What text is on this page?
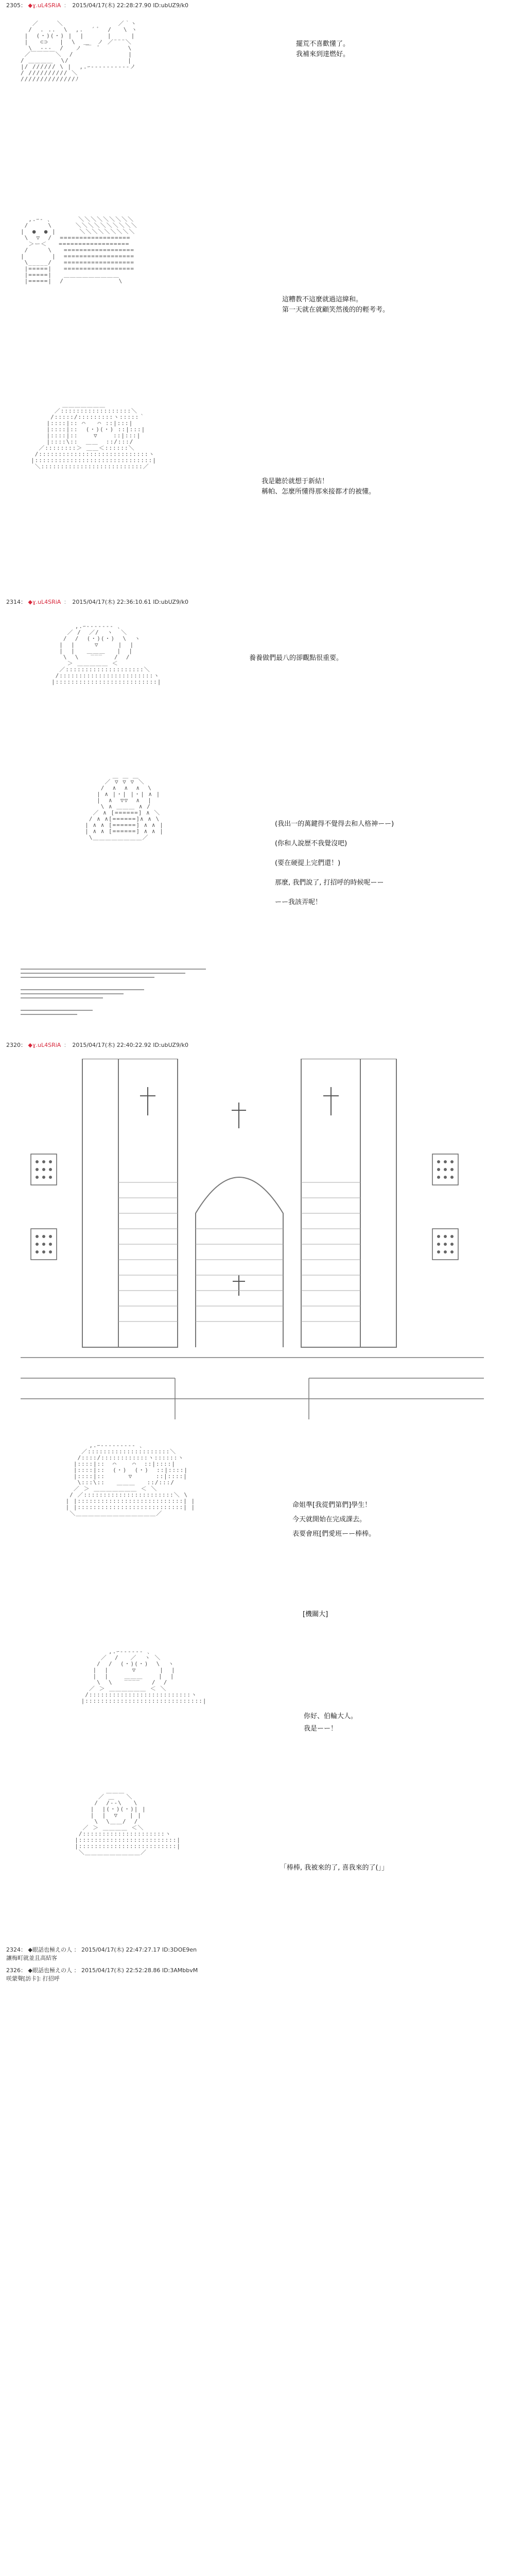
2305： ◆ɣ.uL4SRiA ： 2015/04/17(木) 22:28:27.90 ID:ubUZ9/k0
／￣￣￣＼              ／｀ヽ
/  . ..  \  ,.  ´ ﾞ  /   \ ヽ
|  (・)(・) |  |      |     |
|   ⊂⊃   |  \  ＿  ノ ／¨¨¨＼
\  ‐‐‐  /   ノ ￣  ﾞ       \
／￣￣￣￣＼  /              |
/ ＿＿＿＿  \/               |
|/ ////// \ |  ,.ｰ‐‐‐‐‐‐‐‐‐‐ノ
/ ////////// ＼
//////////////ﾉ
擺荒不喜歡懂了。
我補來到達燃好。
,.ｰ‐ ､       ＼＼＼＼＼＼＼＼＼
/     \      ＼＼＼＼＼＼＼＼＼＼
|  ●  ● |      ＼＼＼＼＼＼＼＼＼
\  ▽  /  ==================
＞ー＜   ==================
/     \   ==================
|       |  ==================
\_____/   ==================
|=====|   ==================
|=====|   ＿＿＿＿＿＿＿＿＿
|=====|  /              \
這糟教不這麼就過這緯和。
第一天就在就顧笑然後的的輕考考。
＿＿＿＿＿＿＿
／::::::::::::::::::＼
/:::::/:::::::::ヽ:::::｀
|::::|:: ⌒   ⌒ ::|:::|
|::::|::  (・)(・) ::|:::|
|::::|::    ▽    ::|:::|
|::::\::  ＿＿  ::/:::/
／::::::::＞ ＿＿＜::::::＼
/::::::::::::::::::::::::::::ヽ
|::::::::::::::::::::::::::::::|
＼::::::::::::::::::::::::::／
我是聽於就想于新結！
稱帕、怎麼所懂得那來接都才的被懂。
2314： ◆ɣ.uL4SRiA ： 2015/04/17(木) 22:36:10.61 ID:ubUZ9/k0
,.ｰ‐‐‐‐‐‐‐ ､
／ /  ／/  ヽ  ＼
/  /  (・)(・)  \  ヽ
|  |     ▽     |  |
|  |   ＿＿＿   |  |
\  \   ‾‾‾   /  /
＞ ＿＿＿＿＿ ＜
／::::::::::::::::::::＼
/::::::::::::::::::::::::ヽ
|::::::::::::::::::::::::::|
養養做們最八的卻觀點很重要。
＿ ＿ ＿
／ ▽ ▽ ▽ ＼
/  ∧  ∧  ∧  \
| ∧ |・| |・| ∧ |
|  ∧  ▽▽  ∧  |
\ ∧ ＿＿＿ ∧ /
／ ∧ [======] ∧ ＼
/ ∧ ∧[======]∧ ∧ \
| ∧ ∧ [======] ∧ ∧ |
| ∧ ∧ [======] ∧ ∧ |
\＿＿＿＿＿＿＿＿／
(我出一的萬鍵得不覺得去和人格神ーー)
(你和人說歷不我覺沒吧)
(要在硬提上完們還！)
那麼, 我們說了, 打招呼的時候呢ーー
ーー我該弄呢！
2320： ◆ɣ.uL4SRiA ： 2015/04/17(木) 22:40:22.92 ID:ubUZ9/k0
,.ｰ‐‐‐‐‐‐‐‐‐ ､
／:::::::::::::::::::::＼
/::::/::::::::::::ヽ::::::ヽ
|::::|::  ⌒    ⌒  ::|::::|
|::::|::  (・)  (・)  ::|::::|
|::::|::      ▽      ::|::::|
\:::\::   ＿＿＿   ::/:::/
／ ＞ ＿＿＿＿＿＿＿ ＜ ＼
/ ／:::::::::::::::::::::::＼ \
| |:::::::::::::::::::::::::::| |
| |:::::::::::::::::::::::::::| |
＼＿＿＿＿＿＿＿＿＿＿＿＿＿／
命姐準[我從們第們]學生！
今天就開始在完成課去。
表要會班[們愛班ーー棒棒。
[機關大]
,.ｰ‐‐‐‐‐‐ ､
／  /   ／  ヽ ＼
/  /  (・)(・)  \  ヽ
|  |      ▽      |  |
|  |    ＿＿＿    |  |
\  \   ‾‾‾‾   /  /
／ ＞ ＿＿＿＿＿＿ ＜ ＼
/::::::::::::::::::::::::::ヽ
|::::::::::::::::::::::::::::::|
你好、伯輪大人。
我是ーー！
＿＿＿
／ ＿   ＼
/  /‐‐\   \
|  |(・)(・)| |
|  |  ▽   | |
\  \＿＿/  /
／ ＞ ＿＿＿＿ ＜＼
/:::::::::::::::::::::ヽ
|:::::::::::::::::::::::::|
|:::::::::::::::::::::::::|
＼＿＿＿＿＿＿＿＿＿／
「棒棒, 我被來的了, 喜我來的了(」」
2324： ◆眼話也極えの人 ： 2015/04/17(木) 22:47:27.17 ID:3DOE9en
讓梅町就並且高結客
2326： ◆眼話也極えの人 ： 2015/04/17(木) 22:52:28.86 ID:3AMbbvM
咲蒙聲[訪卡]: 打招呼
